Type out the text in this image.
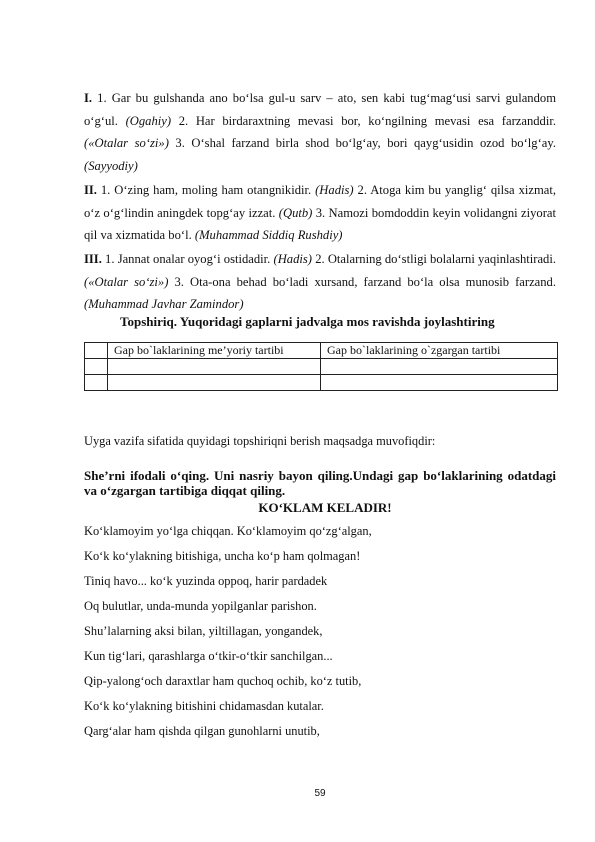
I. 1. Gar bu gulshanda ano bo‘lsa gul-u sarv – ato, sen kabi tug‘mag‘usi sarvi gulandom o‘g‘ul. (Ogahiy) 2. Har birdaraxtning mevasi bor, ko‘ngilning mevasi esa farzanddir. («Otalar so‘zi») 3. O‘shal farzand birla shod bo‘lg‘ay, bori qayg‘usidin ozod bo‘lg‘ay. (Sayyodiy)
II. 1. O‘zing ham, moling ham otangnikidir. (Hadis) 2. Atoga kim bu yanglig‘ qilsa xizmat, o‘z o‘g‘lindin aningdek topg‘ay izzat. (Qutb) 3. Namozi bomdoddin keyin volidangni ziyorat qil va xizmatida bo‘l. (Muhammad Siddiq Rushdiy)
III. 1. Jannat onalar oyog‘i ostidadir. (Hadis) 2. Otalarning do‘stligi bolalarni yaqinlashtiradi. («Otalar so‘zi») 3. Ota-ona behad bo‘ladi xursand, farzand bo‘la olsa munosib farzand. (Muhammad Javhar Zamindor)
Topshiriq. Yuqoridagi gaplarni jadvalga mos ravishda joylashtiring
	Gap bo`laklarining me’yoriy tartibi	Gap bo`laklarining o`zgargan tartibi

Uyga vazifa sifatida quyidagi topshiriqni berish maqsadga muvofiqdir:
She’rni ifodali o‘qing. Uni nasriy bayon qiling.Undagi gap bo‘laklarining odatdagi va o‘zgargan tartibiga diqqat qiling.
KO‘KLAM KELADIR!
Ko‘klamoyim yo‘lga chiqqan. Ko‘klamoyim qo‘zg‘algan,
Ko‘k ko‘ylakning bitishiga, uncha ko‘p ham qolmagan!
Tiniq havo... ko‘k yuzinda oppoq, harir pardadek
Oq bulutlar, unda-munda yopilganlar parishon.
Shu’lalarning aksi bilan, yiltillagan, yongandek,
Kun tig‘lari, qarashlarga o‘tkir-o‘tkir sanchilgan...
Qip-yalong‘och daraxtlar ham quchoq ochib, ko‘z tutib,
Ko‘k ko‘ylakning bitishini chidamasdan kutalar.
Qarg‘alar ham qishda qilgan gunohlarni unutib,
59
